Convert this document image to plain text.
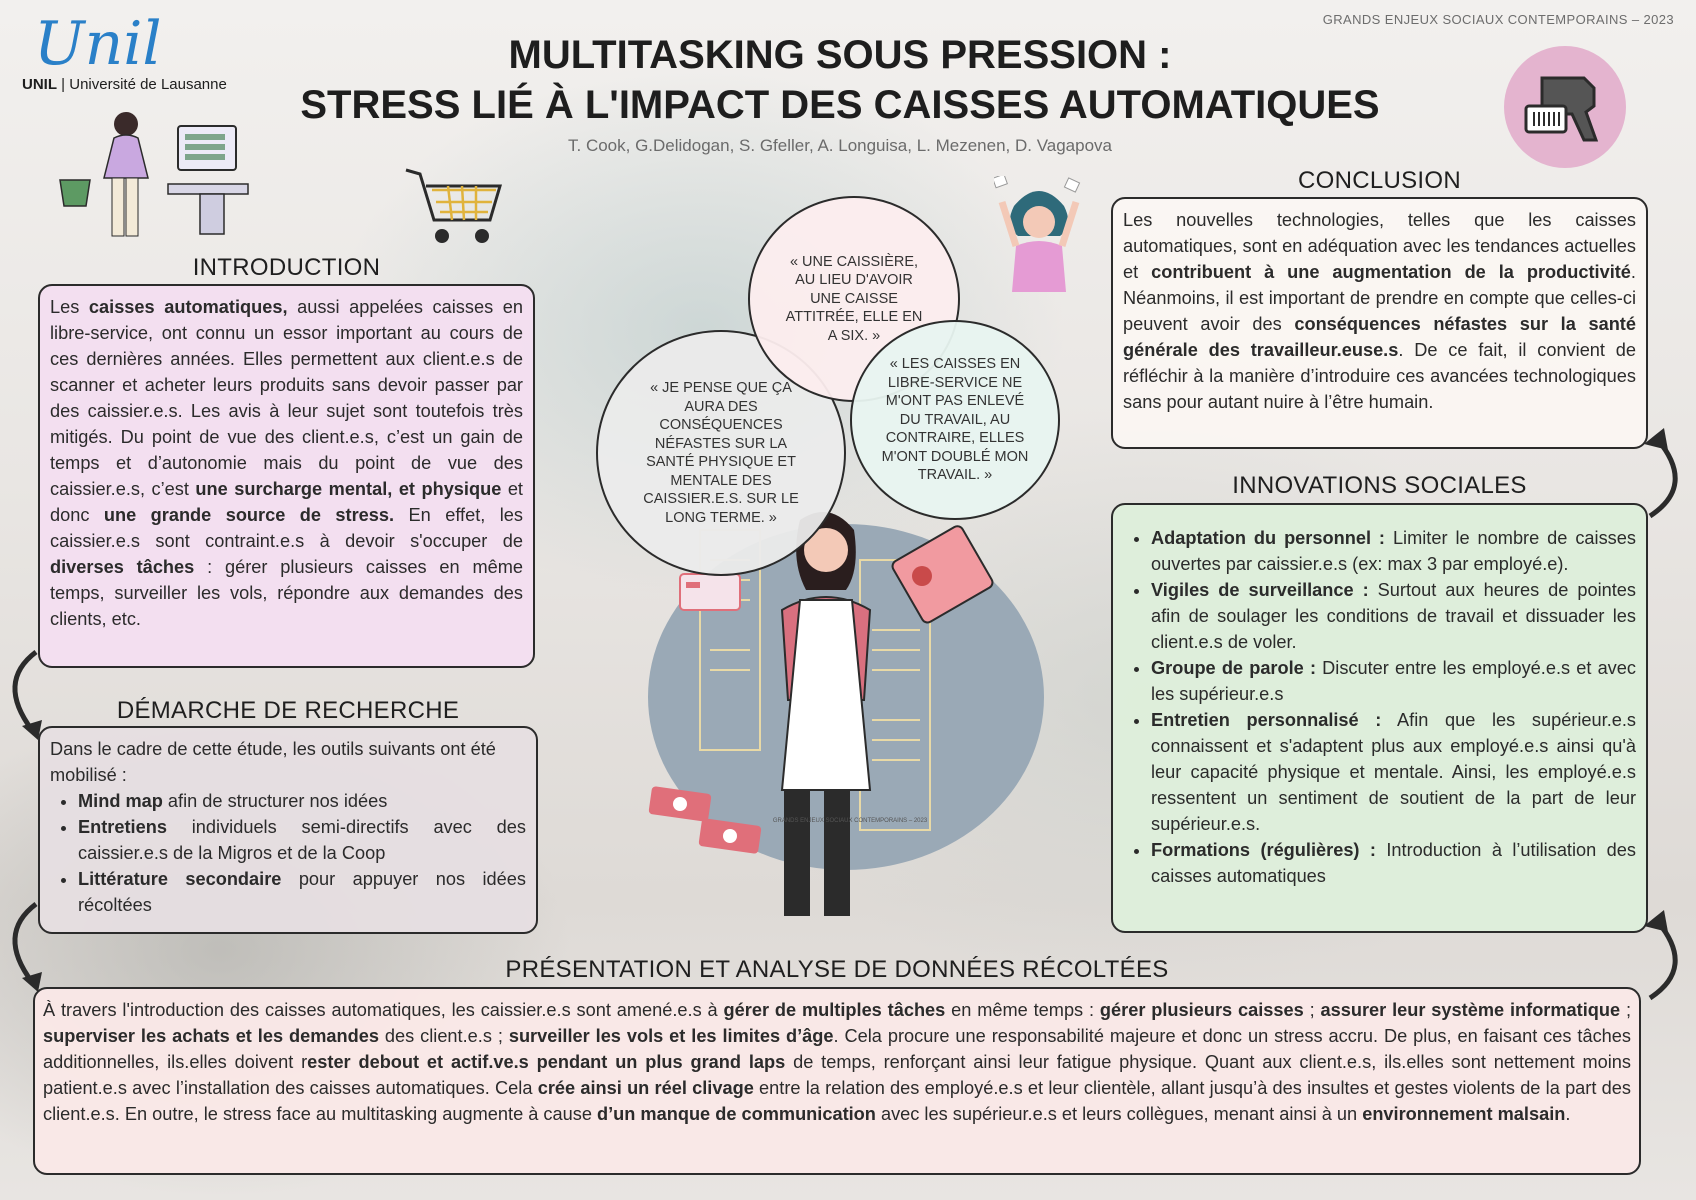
GRANDS ENJEUX SOCIAUX CONTEMPORAINS – 2023
Unil
UNIL | Université de Lausanne
MULTITASKING SOUS PRESSION :
STRESS LIÉ À L'IMPACT DES CAISSES AUTOMATIQUES
T. Cook, G.Delidogan, S. Gfeller, A. Longuisa, L. Mezenen, D. Vagapova
GRANDS ENJEUX SOCIAUX CONTEMPORAINS – 2023
« JE PENSE QUE ÇA AURA DES CONSÉQUENCES NÉFASTES SUR LA SANTÉ PHYSIQUE ET MENTALE DES CAISSIER.E.S. SUR LE LONG TERME. »
« UNE CAISSIÈRE, AU LIEU D'AVOIR UNE CAISSE ATTITRÉE, ELLE EN A SIX. »
« LES CAISSES EN LIBRE-SERVICE NE M'ONT PAS ENLEVÉ DU TRAVAIL, AU CONTRAIRE, ELLES M'ONT DOUBLÉ MON TRAVAIL. »
INTRODUCTION
Les caisses automatiques, aussi appelées caisses en libre-service, ont connu un essor important au cours de ces dernières années. Elles permettent aux client.e.s de scanner et acheter leurs produits sans devoir passer par des caissier.e.s. Les avis à leur sujet sont toutefois très mitigés. Du point de vue des client.e.s, c’est un gain de temps et d’autonomie mais du point de vue des caissier.e.s, c’est une surcharge mental, et physique et donc une grande source de stress. En effet, les caissier.e.s sont contraint.e.s à devoir s'occuper de diverses tâches : gérer plusieurs caisses en même temps, surveiller les vols, répondre aux demandes des clients, etc.
DÉMARCHE DE RECHERCHE
Dans le cadre de cette étude, les outils suivants ont été mobilisé :
• Mind map afin de structurer nos idées
• Entretiens individuels semi-directifs avec des caissier.e.s de la Migros et de la Coop
• Littérature secondaire pour appuyer nos idées récoltées
CONCLUSION
Les nouvelles technologies, telles que les caisses automatiques, sont en adéquation avec les tendances actuelles et contribuent à une augmentation de la productivité. Néanmoins, il est important de prendre en compte que celles-ci peuvent avoir des conséquences néfastes sur la santé générale des travailleur.euse.s. De ce fait, il convient de réfléchir à la manière d’introduire ces avancées technologiques sans pour autant nuire à l’être humain.
INNOVATIONS SOCIALES
• Adaptation du personnel : Limiter le nombre de caisses ouvertes par caissier.e.s (ex: max 3 par employé.e).
• Vigiles de surveillance : Surtout aux heures de pointes afin de soulager les conditions de travail et dissuader les client.e.s de voler.
• Groupe de parole : Discuter entre les employé.e.s et avec les supérieur.e.s
• Entretien personnalisé : Afin que les supérieur.e.s connaissent et s'adaptent plus aux employé.e.s ainsi qu'à leur capacité physique et mentale. Ainsi, les employé.e.s ressentent un sentiment de soutient de la part de leur supérieur.e.s.
• Formations (régulières) : Introduction à l’utilisation des caisses automatiques
PRÉSENTATION ET ANALYSE DE DONNÉES RÉCOLTÉES
À travers l'introduction des caisses automatiques, les caissier.e.s sont amené.e.s à gérer de multiples tâches en même temps : gérer plusieurs caisses ; assurer leur système informatique ; superviser les achats et les demandes des client.e.s ; surveiller les vols et les limites d’âge. Cela procure une responsabilité majeure et donc un stress accru. De plus, en faisant ces tâches additionnelles, ils.elles doivent rester debout et actif.ve.s pendant un plus grand laps de temps, renforçant ainsi leur fatigue physique. Quant aux client.e.s, ils.elles sont nettement moins patient.e.s avec l’installation des caisses automatiques. Cela crée ainsi un réel clivage entre la relation des employé.e.s et leur clientèle, allant jusqu’à des insultes et gestes violents de la part des client.e.s. En outre, le stress face au multitasking augmente à cause d’un manque de communication avec les supérieur.e.s et leurs collègues, menant ainsi à un environnement malsain.
